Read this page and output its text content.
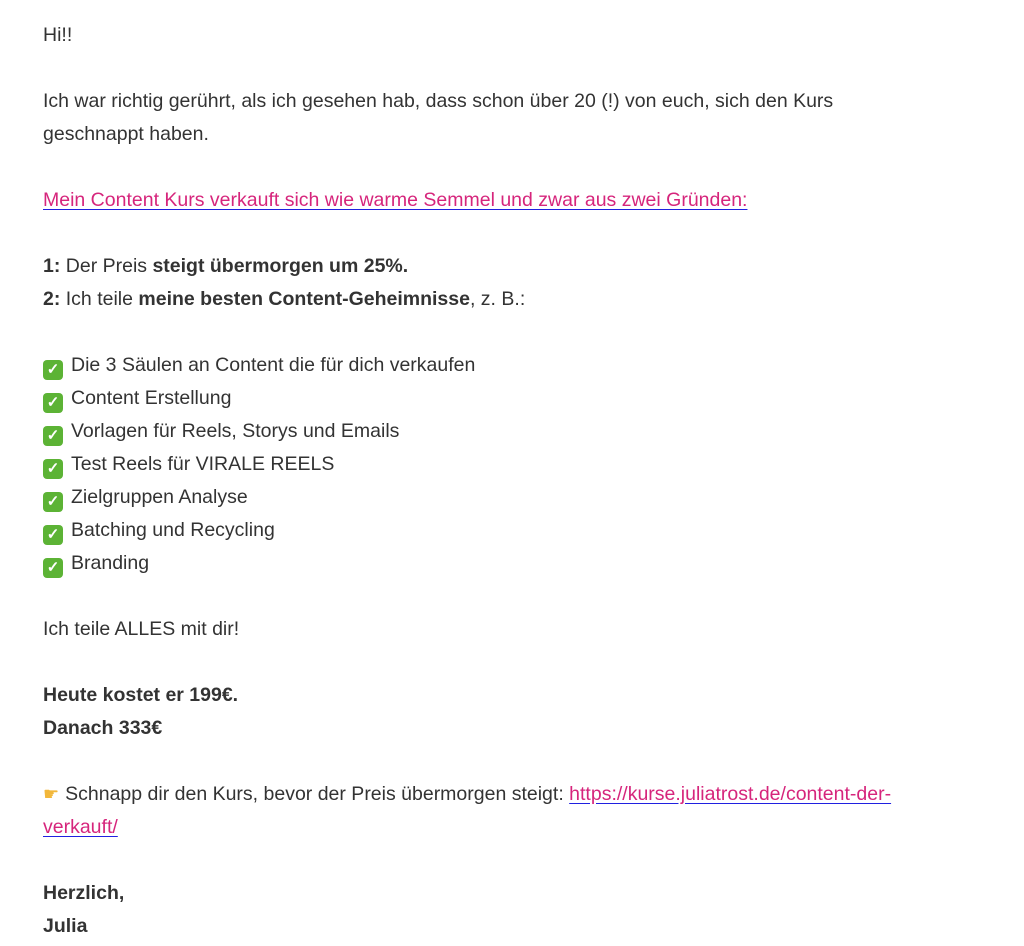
Hi!!
Ich war richtig gerührt, als ich gesehen hab, dass schon über 20 (!) von euch, sich den Kurs
geschnappt haben.
Mein Content Kurs verkauft sich wie warme Semmel und zwar aus zwei Gründen:
1: Der Preis steigt übermorgen um 25%.
2: Ich teile meine besten Content-Geheimnisse, z. B.:
✓ Die 3 Säulen an Content die für dich verkaufen
✓ Content Erstellung
✓ Vorlagen für Reels, Storys und Emails
✓ Test Reels für VIRALE REELS
✓ Zielgruppen Analyse
✓ Batching und Recycling
✓ Branding
Ich teile ALLES mit dir!
Heute kostet er 199€.
Danach 333€
☛ Schnapp dir den Kurs, bevor der Preis übermorgen steigt: https://kurse.juliatrost.de/content-der-
verkauft/
Herzlich,
Julia
